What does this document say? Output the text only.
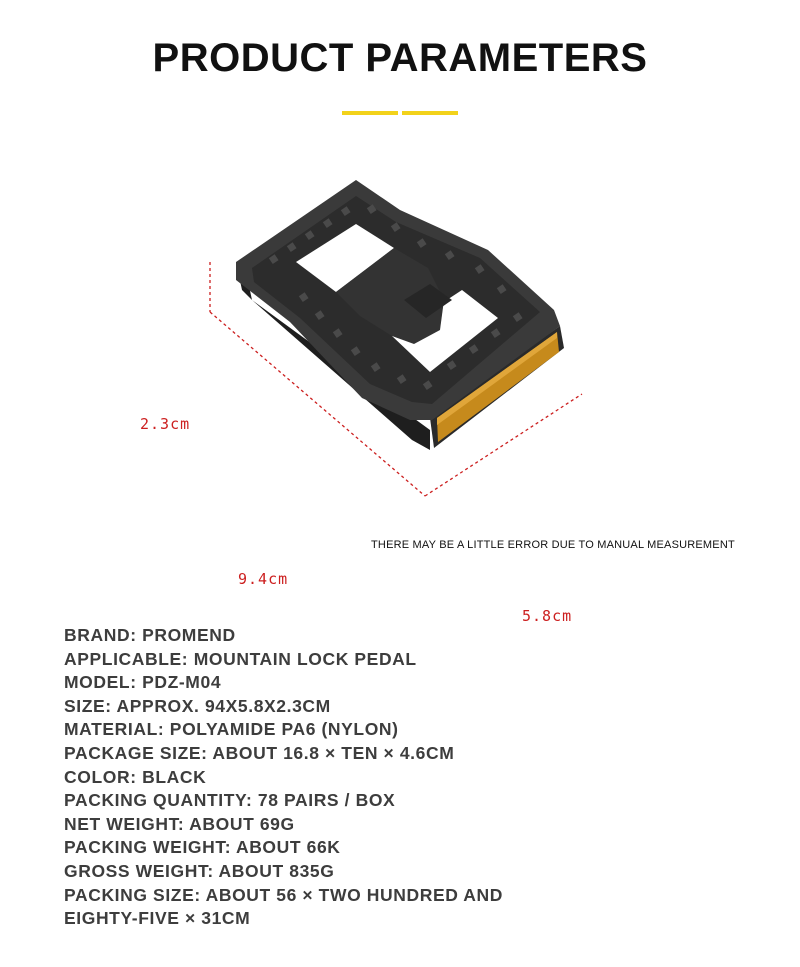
PRODUCT PARAMETERS
2.3cm
9.4cm
5.8cm
THERE MAY BE A LITTLE ERROR DUE TO MANUAL MEASUREMENT
BRAND: PROMEND
APPLICABLE: MOUNTAIN LOCK PEDAL
MODEL: PDZ-M04
SIZE: APPROX. 94X5.8X2.3CM
MATERIAL: POLYAMIDE PA6 (NYLON)
PACKAGE SIZE: ABOUT 16.8 × TEN × 4.6CM
COLOR: BLACK
PACKING QUANTITY: 78 PAIRS / BOX
NET WEIGHT: ABOUT 69G
PACKING WEIGHT: ABOUT 66K
GROSS WEIGHT: ABOUT 835G
PACKING SIZE: ABOUT 56 × TWO HUNDRED AND
EIGHTY-FIVE × 31CM
